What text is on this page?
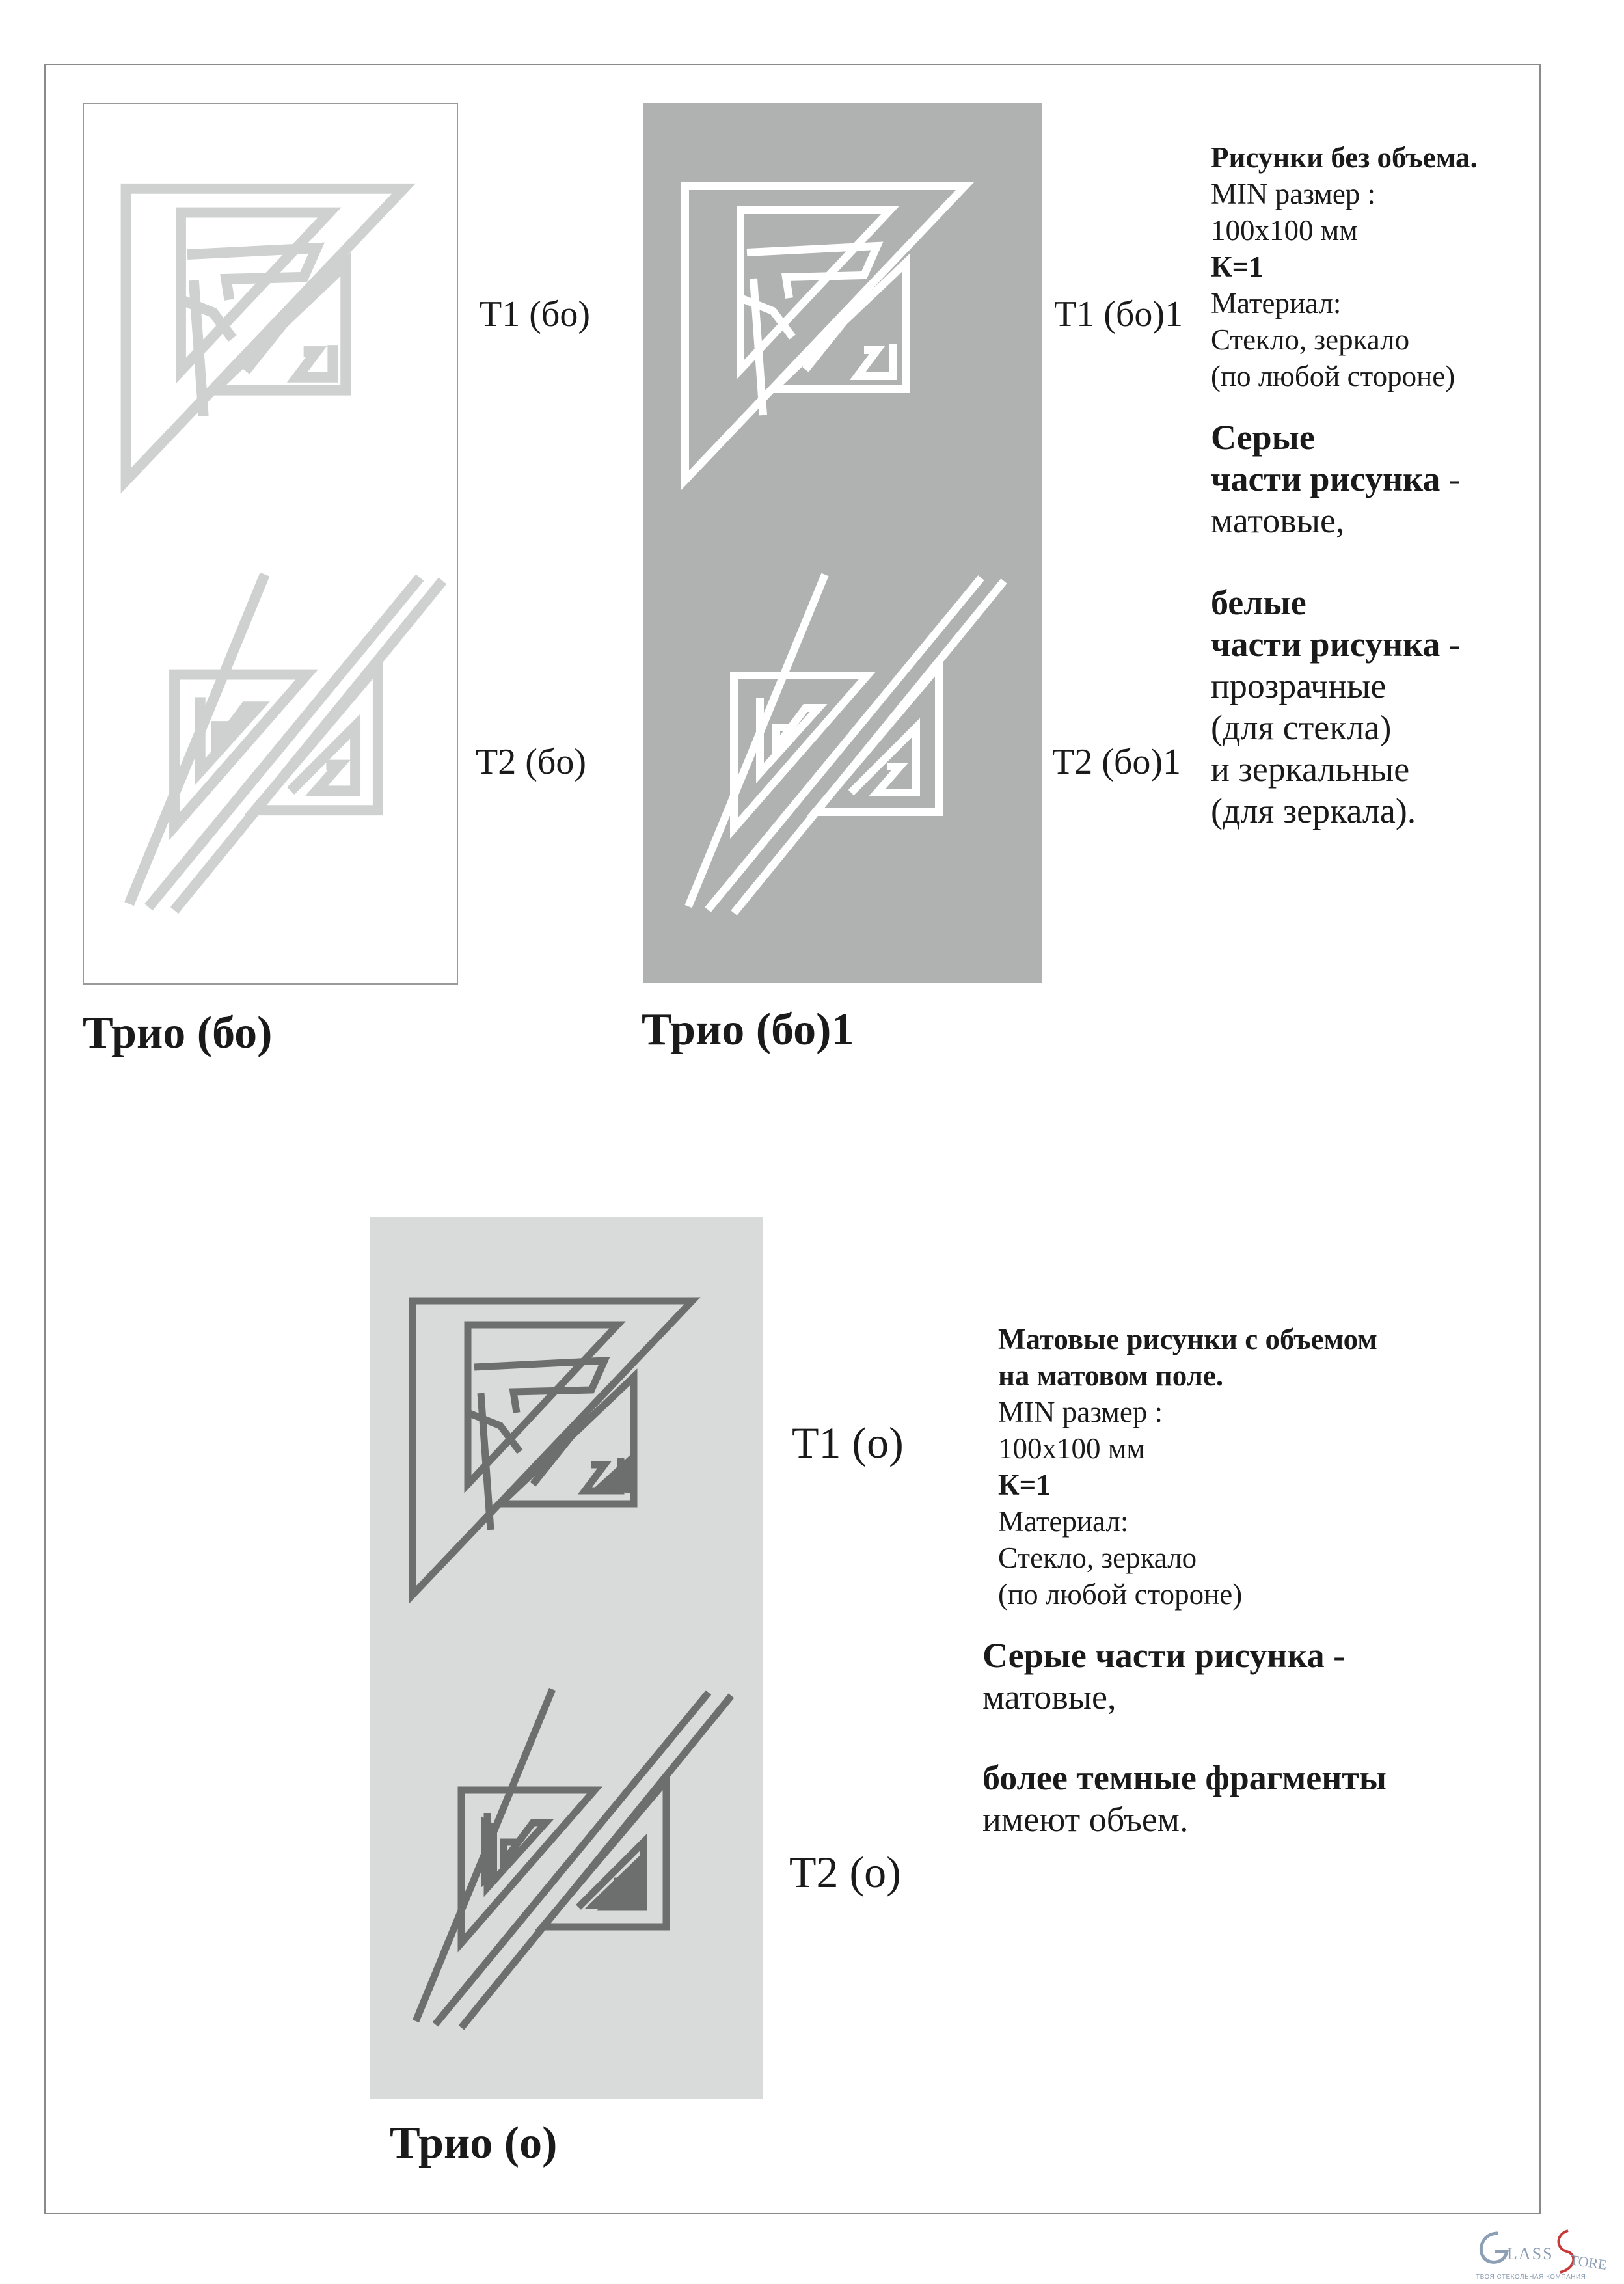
Т1 (бо)
Т2 (бо)
Трио (бо)
Т1 (бо)1
Т2 (бо)1
Трио (бо)1
Рисунки без объема.
MIN размер :
100х100 мм
К=1
Материал:
Стекло, зеркало
(по любой стороне)
Серые
части рисунка -
матовые,
белые
части рисунка -
прозрачные
(для стекла)
и зеркальные
(для зеркала).
Т1 (о)
Т2 (о)
Трио (о)
Матовые рисунки с объемом
на матовом поле.
MIN размер :
100х100 мм
К=1
Материал:
Стекло, зеркало
(по любой стороне)
Серые части рисунка -
матовые,
более темные фрагменты
имеют объем.
LASS TORE
ТВОЯ СТЕКОЛЬНАЯ КОМПАНИЯ
